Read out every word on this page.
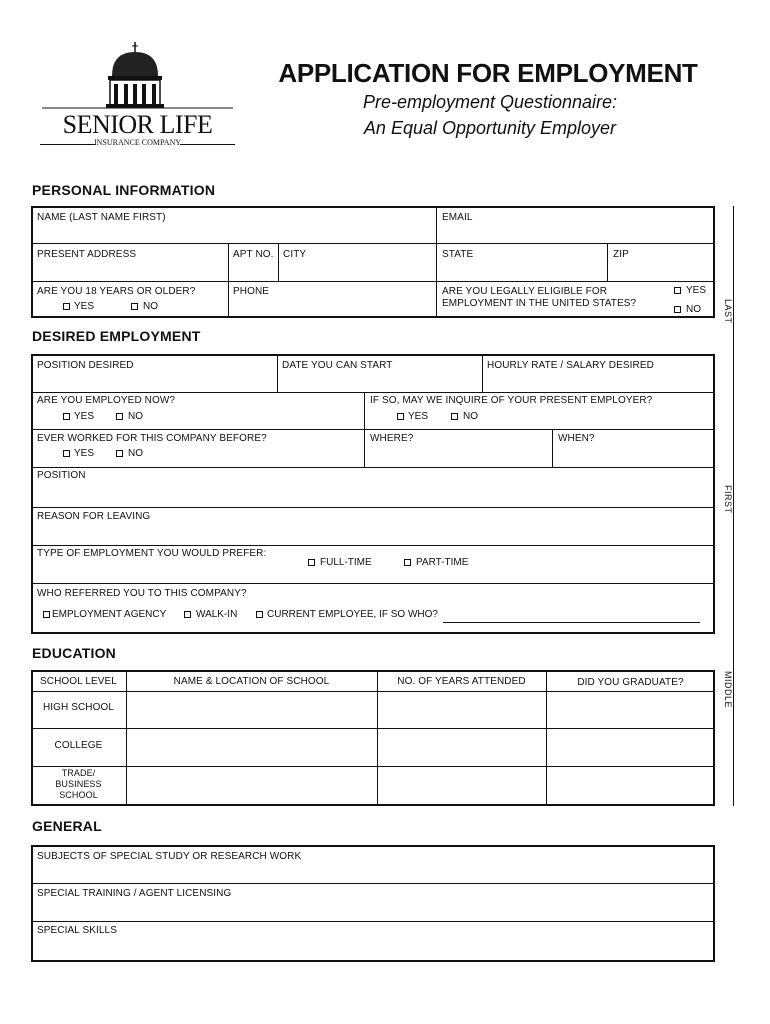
SENIOR LIFE
INSURANCE COMPANY
APPLICATION FOR EMPLOYMENT
Pre-employment Questionnaire:
An Equal Opportunity Employer
PERSONAL INFORMATION
NAME (LAST NAME FIRST)	EMAIL
PRESENT ADDRESS	APT NO. CITY	STATE	ZIP
ARE YOU 18 YEARS OR OLDER?
YES	NO
PHONE	ARE YOU LEGALLY ELIGIBLE FOR
EMPLOYMENT IN THE UNITED STATES?
YES
NO
DESIRED EMPLOYMENT
POSITION DESIRED	DATE YOU CAN START	HOURLY RATE / SALARY DESIRED
ARE YOU EMPLOYED NOW?
YES	NO
IF SO, MAY WE INQUIRE OF YOUR PRESENT EMPLOYER?
YES	NO
EVER WORKED FOR THIS COMPANY BEFORE?
YES	NO
WHERE?	WHEN?
POSITION
REASON FOR LEAVING
TYPE OF EMPLOYMENT YOU WOULD PREFER:
FULL-TIME	PART-TIME
WHO REFERRED YOU TO THIS COMPANY?
EMPLOYMENT AGENCY	WALK-IN	CURRENT EMPLOYEE, IF SO WHO?
EDUCATION
SCHOOL LEVEL	NAME & LOCATION OF SCHOOL	NO. OF YEARS ATTENDED	DID YOU GRADUATE?
HIGH SCHOOL
COLLEGE
TRADE/
BUSINESS
SCHOOL
GENERAL
SUBJECTS OF SPECIAL STUDY OR RESEARCH WORK
SPECIAL TRAINING / AGENT LICENSING
SPECIAL SKILLS
LAST
FIRST
MIDDLE
